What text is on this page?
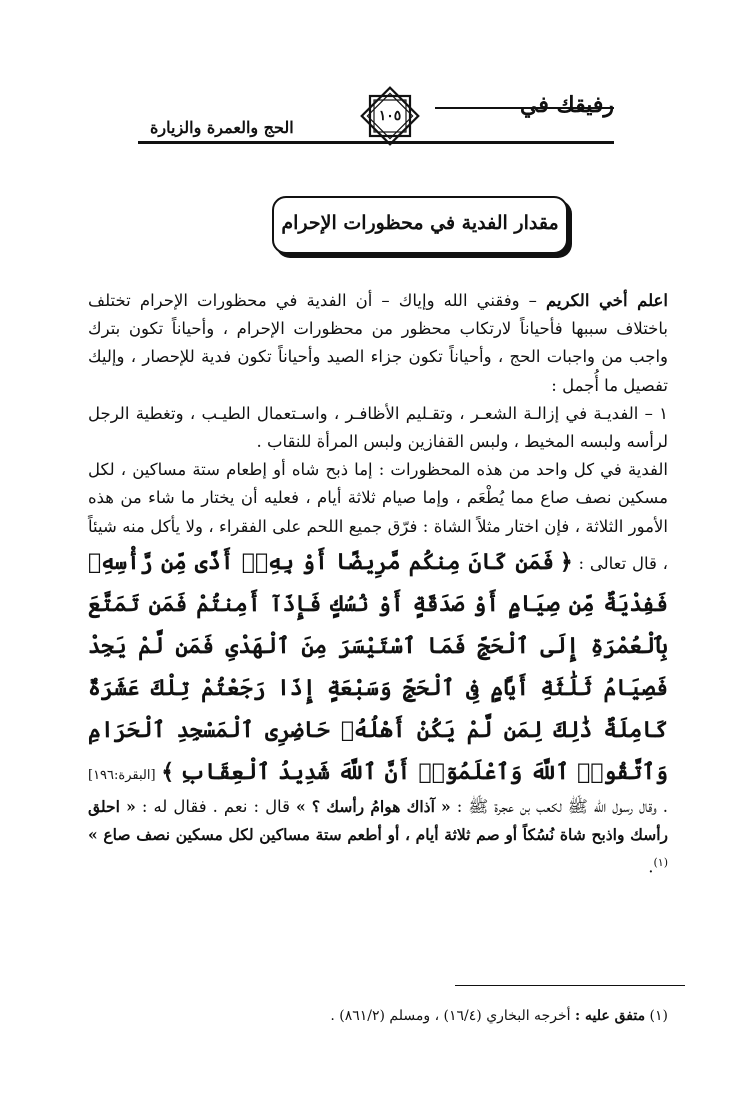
رفيقك في
١٠٥
الحج والعمرة والزيارة
مقدار الفدية في محظورات الإحرام

اعلم أخي الكريم – وفقني الله وإياك – أن الفدية في محظورات الإحرام تختلف باختلاف سببها فأحياناً لارتكاب محظور من محظورات الإحرام ، وأحياناً تكون بترك واجب من واجبات الحج ، وأحياناً تكون جزاء الصيد وأحياناً تكون فدية للإحصار ، وإليك تفصيل ما أُجمل :

١ – الفديـة في إزالـة الشعـر ، وتقـليم الأظافـر ، واسـتعمال الطيـب ، وتغطية الرجل لرأسه ولبسه المخيط ، ولبس القفازين ولبس المرأة للنقاب .

الفدية في كل واحد من هذه المحظورات : إما ذبح شاه أو إطعام ستة مساكين ، لكل مسكين نصف صاع مما يُطْعَم ، وإما صيام ثلاثة أيام ، فعليه أن يختار ما شاء من هذه الأمور الثلاثة ، فإن اختار مثلاً الشاة : فرّق جميع اللحم على الفقراء ، ولا يأكل منه شيئاً ، قال تعالى : ﴿ فَمَن كَانَ مِنكُم مَّرِيضًا أَوْ بِهِۦٓ أَذًى مِّن رَّأْسِهِۦ فَفِدْيَةٌ مِّن صِيَامٍ أَوْ صَدَقَةٍ أَوْ نُسُكٍ فَإِذَآ أَمِنتُمْ فَمَن تَمَتَّعَ بِٱلْعُمْرَةِ إِلَى ٱلْحَجِّ فَمَا ٱسْتَيْسَرَ مِنَ ٱلْهَدْىِ فَمَن لَّمْ يَجِدْ فَصِيَامُ ثَلَٰثَةِ أَيَّامٍ فِى ٱلْحَجِّ وَسَبْعَةٍ إِذَا رَجَعْتُمْ تِلْكَ عَشَرَةٌ كَامِلَةٌ ذَٰلِكَ لِمَن لَّمْ يَكُنْ أَهْلُهُۥ حَاضِرِى ٱلْمَسْجِدِ ٱلْحَرَامِ وَٱتَّقُوا۟ ٱللَّهَ وَٱعْلَمُوٓا۟ أَنَّ ٱللَّهَ شَدِيدُ ٱلْعِقَابِ ﴾ [البقرة:١٩٦] . وقال رسول الله ﷺ لكعب بن عجرة ﷺ : « آذاك هوامُ رأسك ؟ » قال : نعم . فقال له : « احلق رأسك واذبح شاة نُسُكاً أو صم ثلاثة أيام ، أو أطعم ستة مساكين لكل مسكين نصف صاع » $^{(١)}$.

(١) متفق عليه : أخرجه البخاري (١٦/٤) ، ومسلم (٨٦١/٢) .
